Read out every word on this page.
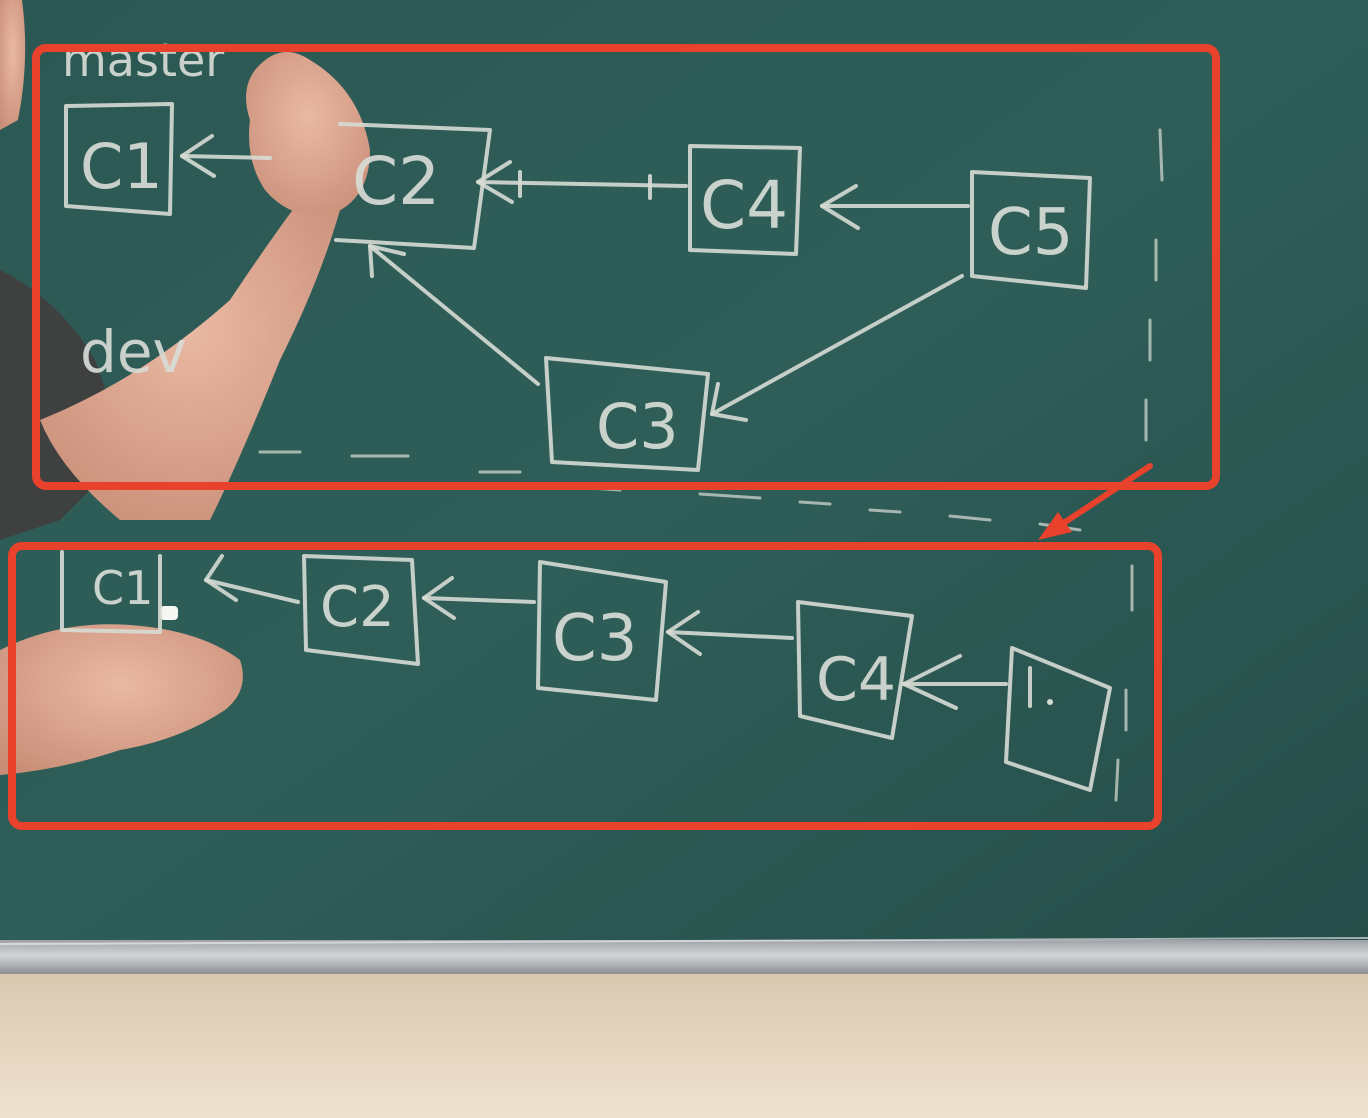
master
dev
C1	C2	C4	C5
C3
C1	C2 C3
C4
